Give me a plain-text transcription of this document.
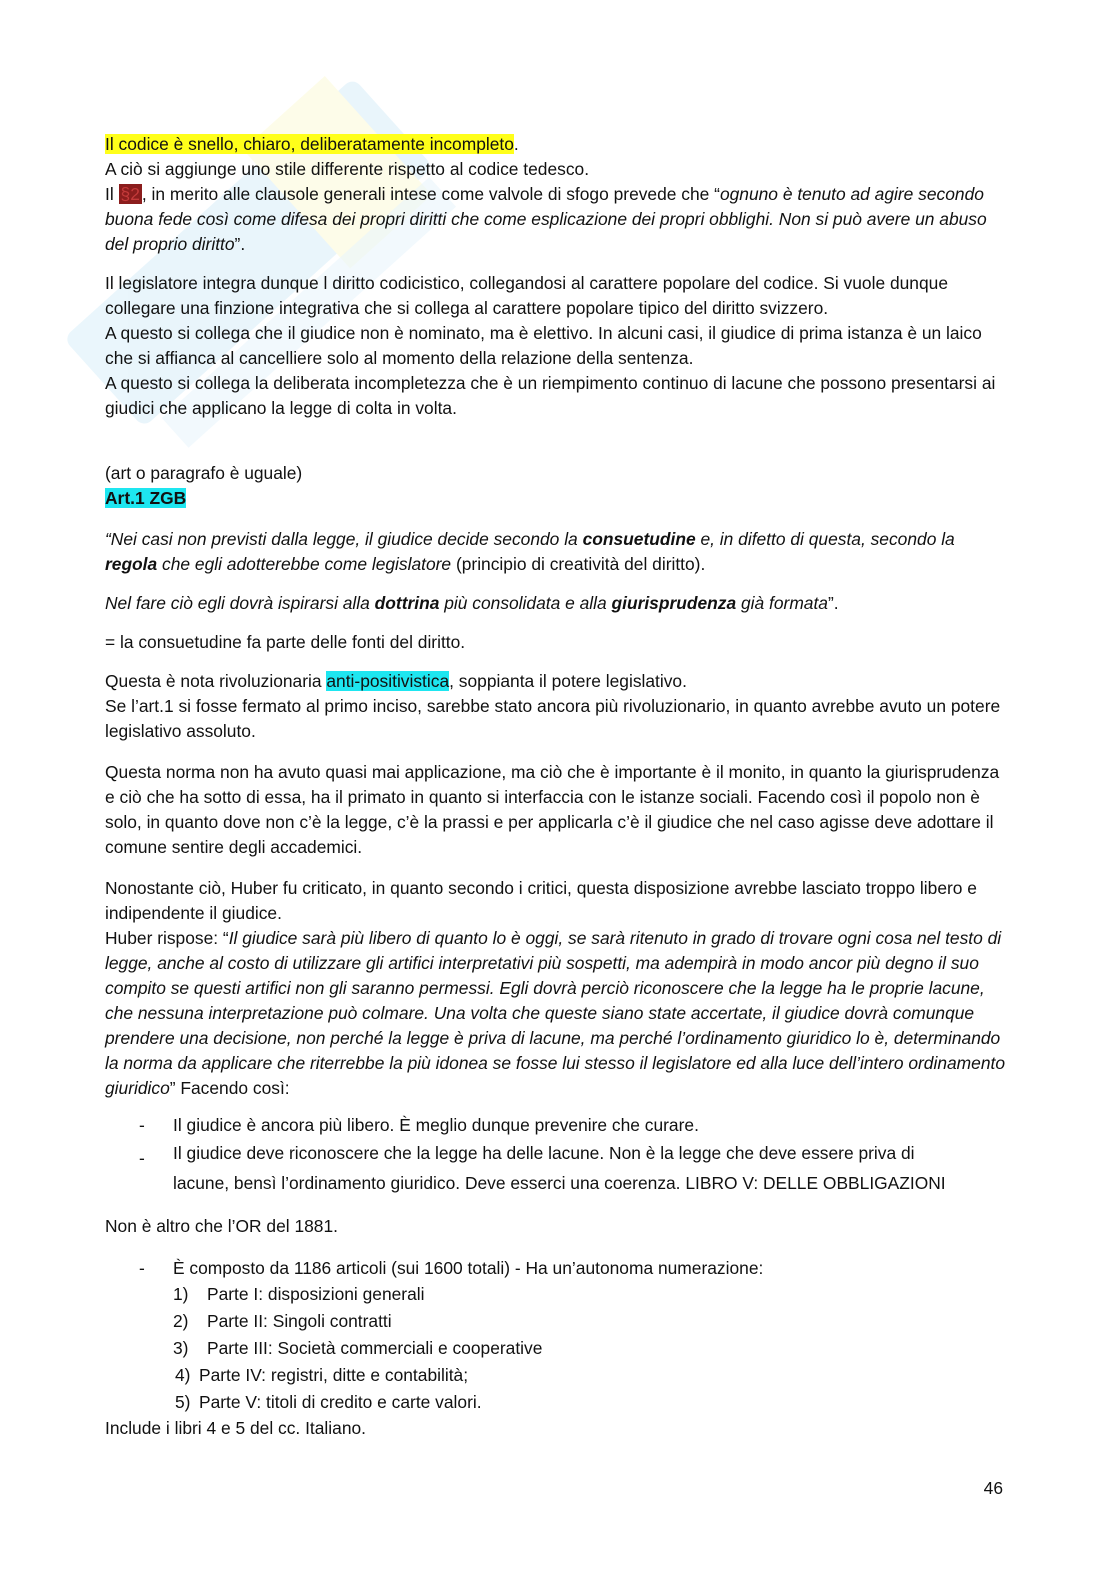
Il codice è snello, chiaro, deliberatamente incompleto.

A ciò si aggiunge uno stile differente rispetto al codice tedesco.

Il §2 , in merito alle clausole generali intese come valvole di sfogo prevede che “ognuno è tenuto ad agire secondo buona fede così come difesa dei propri diritti che come esplicazione dei propri obblighi. Non si può avere un abuso del proprio diritto”.

Il legislatore integra dunque l diritto codicistico, collegandosi al carattere popolare del codice. Si vuole dunque collegare una finzione integrativa che si collega al carattere popolare tipico del diritto svizzero.

A questo si collega che il giudice non è nominato, ma è elettivo. In alcuni casi, il giudice di prima istanza è un laico che si affianca al cancelliere solo al momento della relazione della sentenza.

A questo si collega la deliberata incompletezza che è un riempimento continuo di lacune che possono presentarsi ai giudici che applicano la legge di colta in volta.

(art o paragrafo è uguale)

Art.1 ZGB

“Nei casi non previsti dalla legge, il giudice decide secondo la consuetudine e, in difetto di questa, secondo la regola che egli adotterebbe come legislatore (principio di creatività del diritto).

Nel fare ciò egli dovrà ispirarsi alla dottrina più consolidata e alla giurisprudenza già formata”.

= la consuetudine fa parte delle fonti del diritto.

Questa è nota rivoluzionaria anti-positivistica, soppianta il potere legislativo.

Se l’art.1 si fosse fermato al primo inciso, sarebbe stato ancora più rivoluzionario, in quanto avrebbe avuto un potere legislativo assoluto.

Questa norma non ha avuto quasi mai applicazione, ma ciò che è importante è il monito, in quanto la giurisprudenza e ciò che ha sotto di essa, ha il primato in quanto si interfaccia con le istanze sociali. Facendo così il popolo non è solo, in quanto dove non c’è la legge, c’è la prassi e per applicarla c’è il giudice che nel caso agisse deve adottare il comune sentire degli accademici.

Nonostante ciò, Huber fu criticato, in quanto secondo i critici, questa disposizione avrebbe lasciato troppo libero e indipendente il giudice.

Huber rispose: “Il giudice sarà più libero di quanto lo è oggi, se sarà ritenuto in grado di trovare ogni cosa nel testo di legge, anche al costo di utilizzare gli artifici interpretativi più sospetti, ma adempirà in modo ancor più degno il suo compito se questi artifici non gli saranno permessi. Egli dovrà perciò riconoscere che la legge ha le proprie lacune, che nessuna interpretazione può colmare. Una volta che queste siano state accertate, il giudice dovrà comunque prendere una decisione, non perché la legge è priva di lacune, ma perché l’ordinamento giuridico lo è, determinando la norma da applicare che riterrebbe la più idonea se fosse lui stesso il legislatore ed alla luce dell’intero ordinamento giuridico” Facendo così:

- Il giudice è ancora più libero. È meglio dunque prevenire che curare.
- Il giudice deve riconoscere che la legge ha delle lacune. Non è la legge che deve essere priva di
lacune, bensì l’ordinamento giuridico. Deve esserci una coerenza. LIBRO V: DELLE OBBLIGAZIONI

Non è altro che l’OR del 1881.

- È composto da 1186 articoli (sui 1600 totali) - Ha un’autonoma numerazione:
1) Parte I: disposizioni generali
2) Parte II: Singoli contratti
3) Parte III: Società commerciali e cooperative
4) Parte IV: registri, ditte e contabilità;
5) Parte V: titoli di credito e carte valori.

Include i libri 4 e 5 del cc. Italiano.

46
